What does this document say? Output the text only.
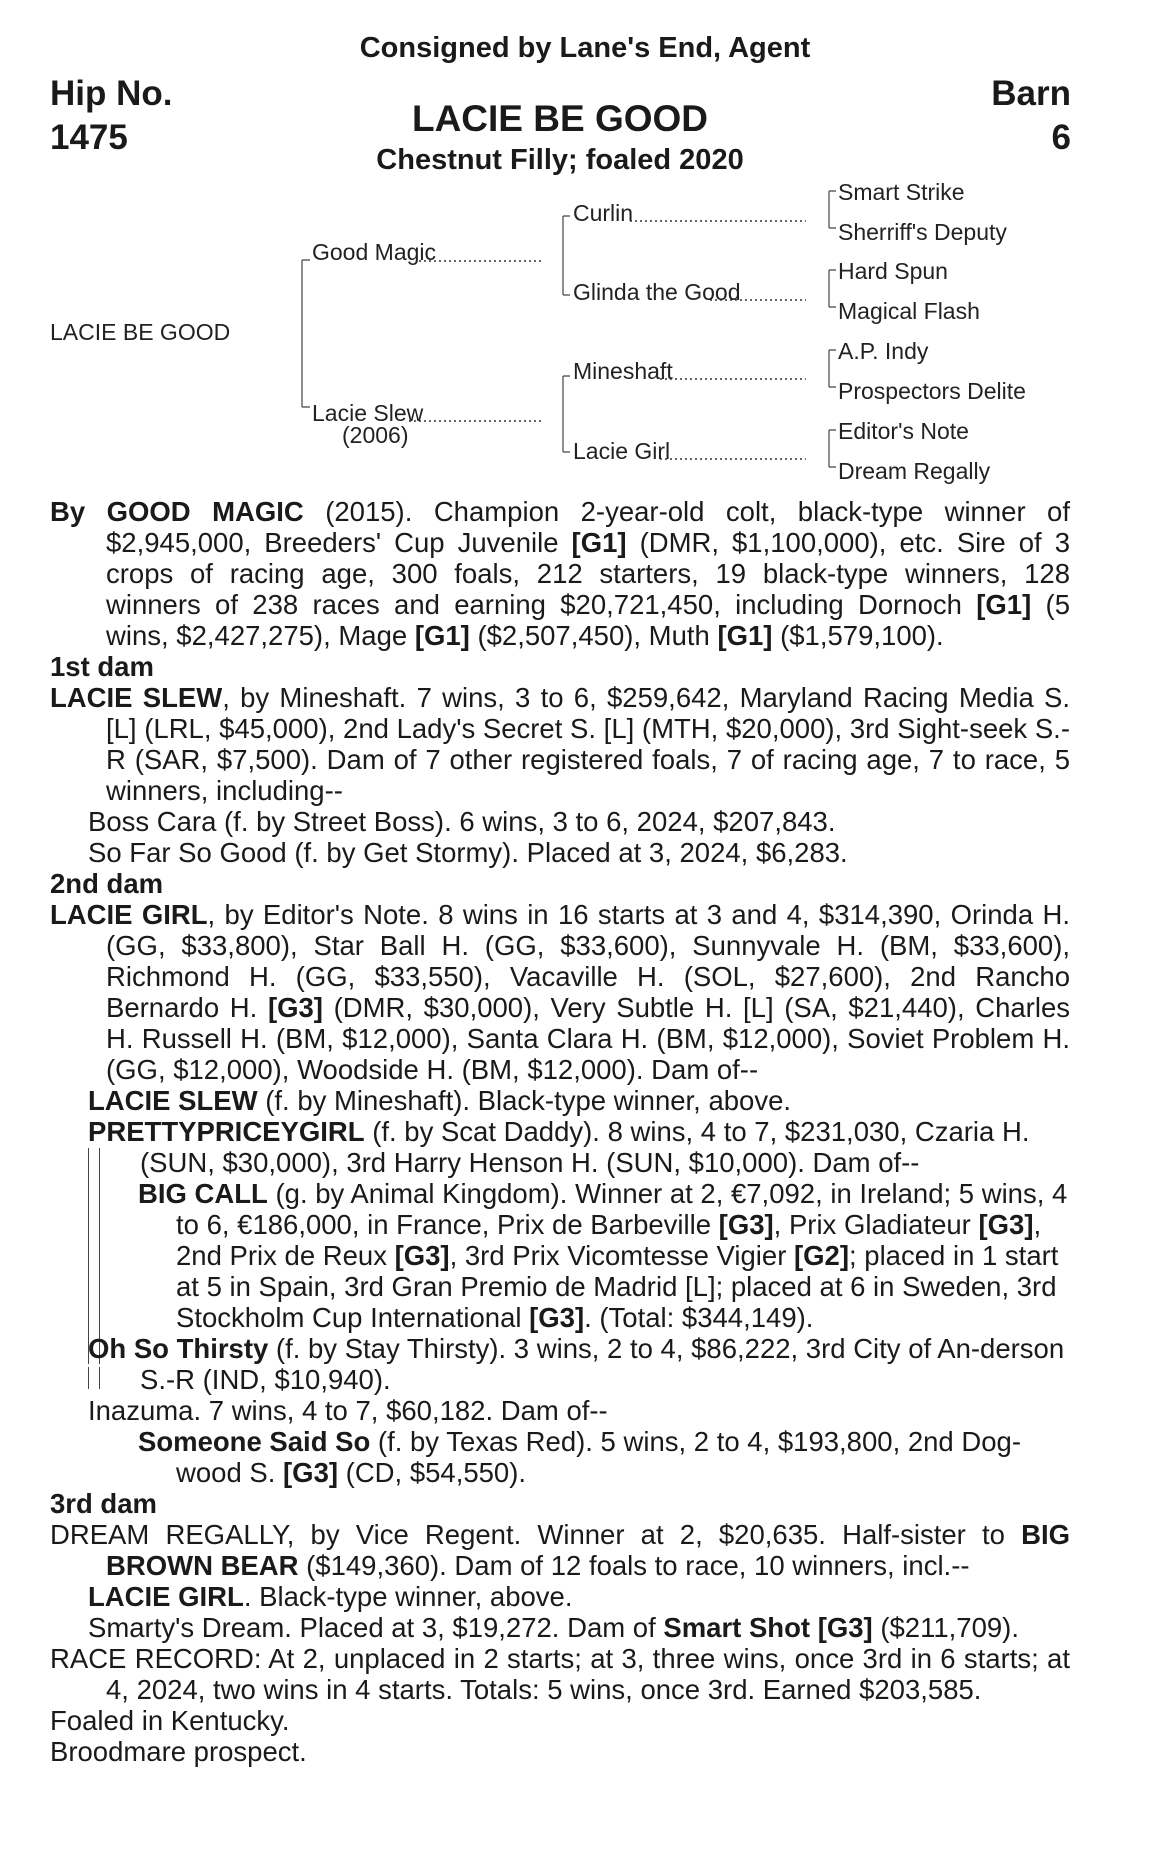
Consigned by Lane's End, Agent
Hip No.
1475
Barn
6
LACIE BE GOOD
Chestnut Filly; foaled 2020
LACIE BE GOOD
Good Magic
Lacie Slew
(2006)
Curlin
Glinda the Good
Mineshaft
Lacie Girl
Smart Strike
Sherriff's Deputy
Hard Spun
Magical Flash
A.P. Indy
Prospectors Delite
Editor's Note
Dream Regally
By GOOD MAGIC (2015). Champion 2-year-old colt, black-type winner of $2,945,000, Breeders' Cup Juvenile [G1] (DMR, $1,100,000), etc. Sire of 3 crops of racing age, 300 foals, 212 starters, 19 black-type winners, 128 winners of 238 races and earning $20,721,450, including Dornoch [G1] (5 wins, $2,427,275), Mage [G1] ($2,507,450), Muth [G1] ($1,579,100).
1st dam
LACIE SLEW, by Mineshaft. 7 wins, 3 to 6, $259,642, Maryland Racing Media S. [L] (LRL, $45,000), 2nd Lady's Secret S. [L] (MTH, $20,000), 3rd Sight-seek S.-R (SAR, $7,500). Dam of 7 other registered foals, 7 of racing age, 7 to race, 5 winners, including--
Boss Cara (f. by Street Boss). 6 wins, 3 to 6, 2024, $207,843.
So Far So Good (f. by Get Stormy). Placed at 3, 2024, $6,283.
2nd dam
LACIE GIRL, by Editor's Note. 8 wins in 16 starts at 3 and 4, $314,390, Orinda H. (GG, $33,800), Star Ball H. (GG, $33,600), Sunnyvale H. (BM, $33,600), Richmond H. (GG, $33,550), Vacaville H. (SOL, $27,600), 2nd Rancho Bernardo H. [G3] (DMR, $30,000), Very Subtle H. [L] (SA, $21,440), Charles H. Russell H. (BM, $12,000), Santa Clara H. (BM, $12,000), Soviet Problem H. (GG, $12,000), Woodside H. (BM, $12,000). Dam of--
LACIE SLEW (f. by Mineshaft). Black-type winner, above.
PRETTYPRICEYGIRL (f. by Scat Daddy). 8 wins, 4 to 7, $231,030, Czaria H. (SUN, $30,000), 3rd Harry Henson H. (SUN, $10,000). Dam of--
BIG CALL (g. by Animal Kingdom). Winner at 2, €7,092, in Ireland; 5 wins, 4 to 6, €186,000, in France, Prix de Barbeville [G3], Prix Gladiateur [G3], 2nd Prix de Reux [G3], 3rd Prix Vicomtesse Vigier [G2]; placed in 1 start at 5 in Spain, 3rd Gran Premio de Madrid [L]; placed at 6 in Sweden, 3rd Stockholm Cup International [G3]. (Total: $344,149).
Oh So Thirsty (f. by Stay Thirsty). 3 wins, 2 to 4, $86,222, 3rd City of An-derson S.-R (IND, $10,940).
Inazuma. 7 wins, 4 to 7, $60,182. Dam of--
Someone Said So (f. by Texas Red). 5 wins, 2 to 4, $193,800, 2nd Dog-wood S. [G3] (CD, $54,550).
3rd dam
DREAM REGALLY, by Vice Regent. Winner at 2, $20,635. Half-sister to BIG BROWN BEAR ($149,360). Dam of 12 foals to race, 10 winners, incl.--
LACIE GIRL. Black-type winner, above.
Smarty's Dream. Placed at 3, $19,272. Dam of Smart Shot [G3] ($211,709).
RACE RECORD: At 2, unplaced in 2 starts; at 3, three wins, once 3rd in 6 starts; at 4, 2024, two wins in 4 starts. Totals: 5 wins, once 3rd. Earned $203,585.
Foaled in Kentucky.
Broodmare prospect.
